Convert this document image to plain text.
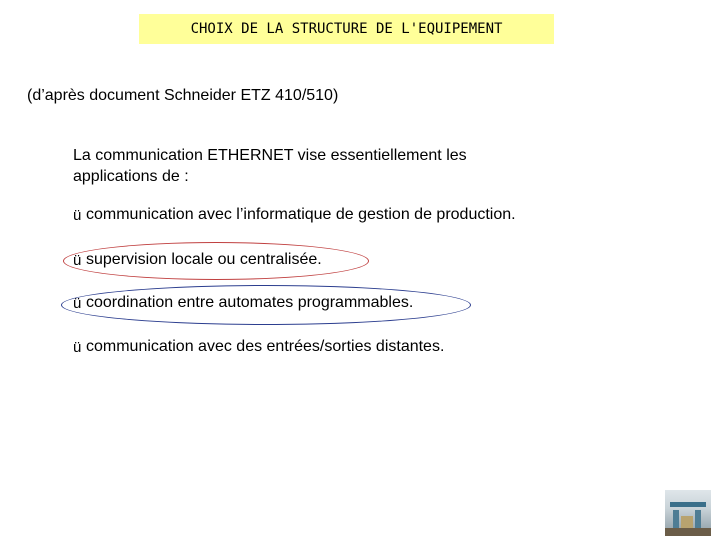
CHOIX DE LA STRUCTURE DE L'EQUIPEMENT
(d’après document Schneider ETZ 410/510)
La communication ETHERNET vise essentiellement les applications de :
ü communication avec l’informatique de gestion de production.
ü supervision locale ou centralisée.
ü coordination entre automates programmables.
ü communication avec des entrées/sorties distantes.
